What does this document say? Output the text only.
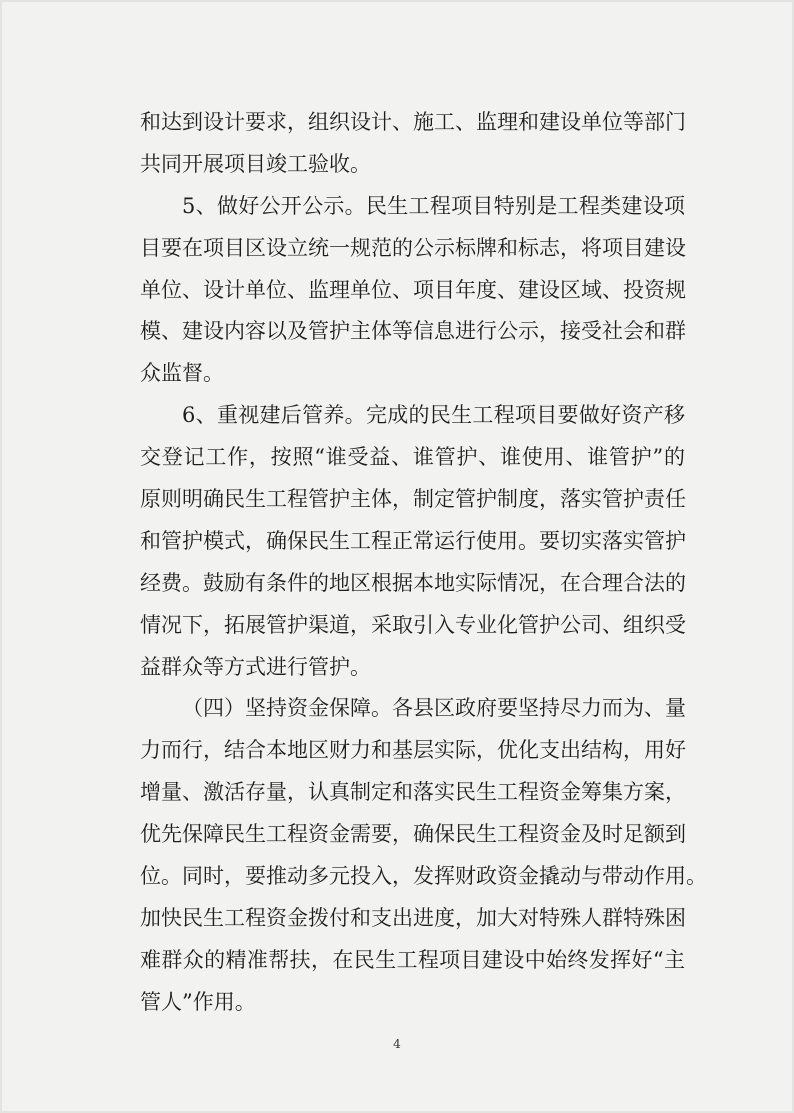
和达到设计要求，组织设计、施工、监理和建设单位等部门
共同开展项目竣工验收。
5、做好公开公示。民生工程项目特别是工程类建设项
目要在项目区设立统一规范的公示标牌和标志，将项目建设
单位、设计单位、监理单位、项目年度、建设区域、投资规
模、建设内容以及管护主体等信息进行公示，接受社会和群
众监督。
6、重视建后管养。完成的民生工程项目要做好资产移
交登记工作，按照“谁受益、谁管护、谁使用、谁管护”的
原则明确民生工程管护主体，制定管护制度，落实管护责任
和管护模式，确保民生工程正常运行使用。要切实落实管护
经费。鼓励有条件的地区根据本地实际情况，在合理合法的
情况下，拓展管护渠道，采取引入专业化管护公司、组织受
益群众等方式进行管护。
（四）坚持资金保障。各县区政府要坚持尽力而为、量
力而行，结合本地区财力和基层实际，优化支出结构，用好
增量、激活存量，认真制定和落实民生工程资金筹集方案，
优先保障民生工程资金需要，确保民生工程资金及时足额到
位。同时，要推动多元投入，发挥财政资金撬动与带动作用。
加快民生工程资金拨付和支出进度，加大对特殊人群特殊困
难群众的精准帮扶，在民生工程项目建设中始终发挥好“主
管人”作用。
4
